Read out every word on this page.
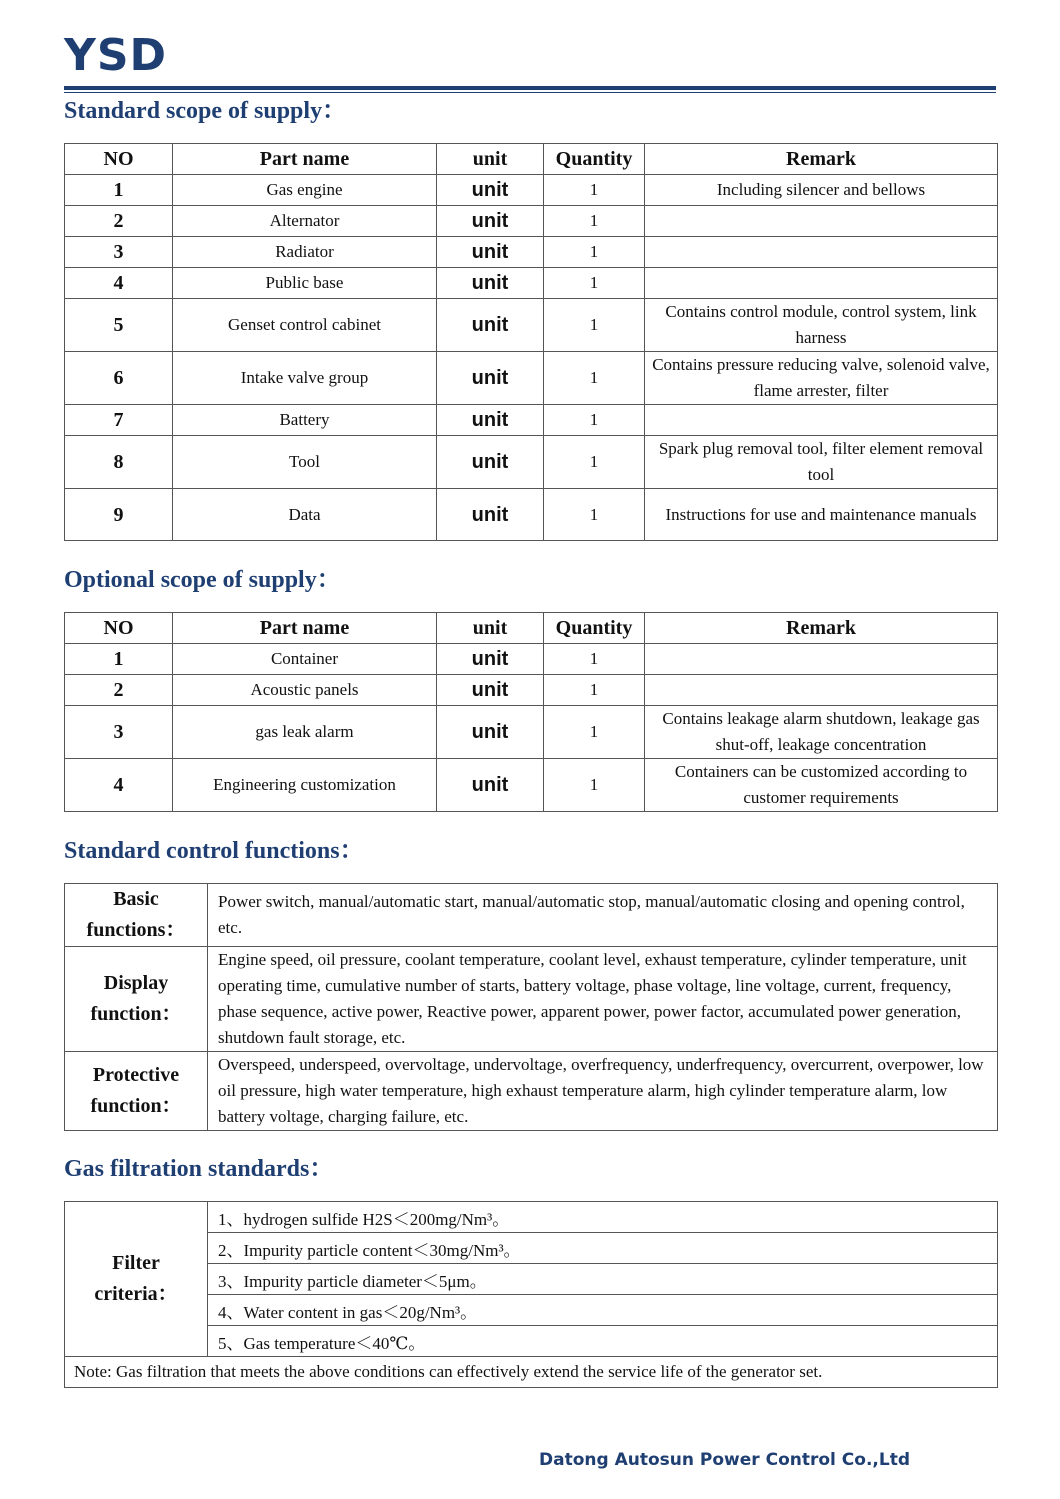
YSD
Standard scope of supply：
NO	Part name	unit	Quantity	Remark
1	Gas engine	unit	1	Including silencer and bellows
2	Alternator	unit	1	
3	Radiator	unit	1	
4	Public base	unit	1	
5	Genset control cabinet	unit	1	Contains control module, control system, link harness
6	Intake valve group	unit	1	Contains pressure reducing valve, solenoid valve, flame arrester, filter
7	Battery	unit	1	
8	Tool	unit	1	Spark plug removal tool, filter element removal tool
9	Data	unit	1	Instructions for use and maintenance manuals
Optional scope of supply：
NO	Part name	unit	Quantity	Remark
1	Container	unit	1	
2	Acoustic panels	unit	1	
3	gas leak alarm	unit	1	Contains leakage alarm shutdown, leakage gas shut-off, leakage concentration
4	Engineering customization	unit	1	Containers can be customized according to customer requirements
Standard control functions：
Basic functions：	Power switch, manual/automatic start, manual/automatic stop, manual/automatic closing and opening control, etc.
Display function：	Engine speed, oil pressure, coolant temperature, coolant level, exhaust temperature, cylinder temperature, unit operating time, cumulative number of starts, battery voltage, phase voltage, line voltage, current, frequency, phase sequence, active power, Reactive power, apparent power, power factor, accumulated power generation, shutdown fault storage, etc.
Protective function：	Overspeed, underspeed, overvoltage, undervoltage, overfrequency, underfrequency, overcurrent, overpower, low oil pressure, high water temperature, high exhaust temperature alarm, high cylinder temperature alarm, low battery voltage, charging failure, etc.
Gas filtration standards：
Filter criteria：	1、hydrogen sulfide H2S＜200mg/Nm³。
2、Impurity particle content＜30mg/Nm³。
3、Impurity particle diameter＜5μm。
4、Water content in gas＜20g/Nm³。
5、Gas temperature＜40℃。
Note: Gas filtration that meets the above conditions can effectively extend the service life of the generator set.
Datong Autosun Power Control Co.,Ltd
